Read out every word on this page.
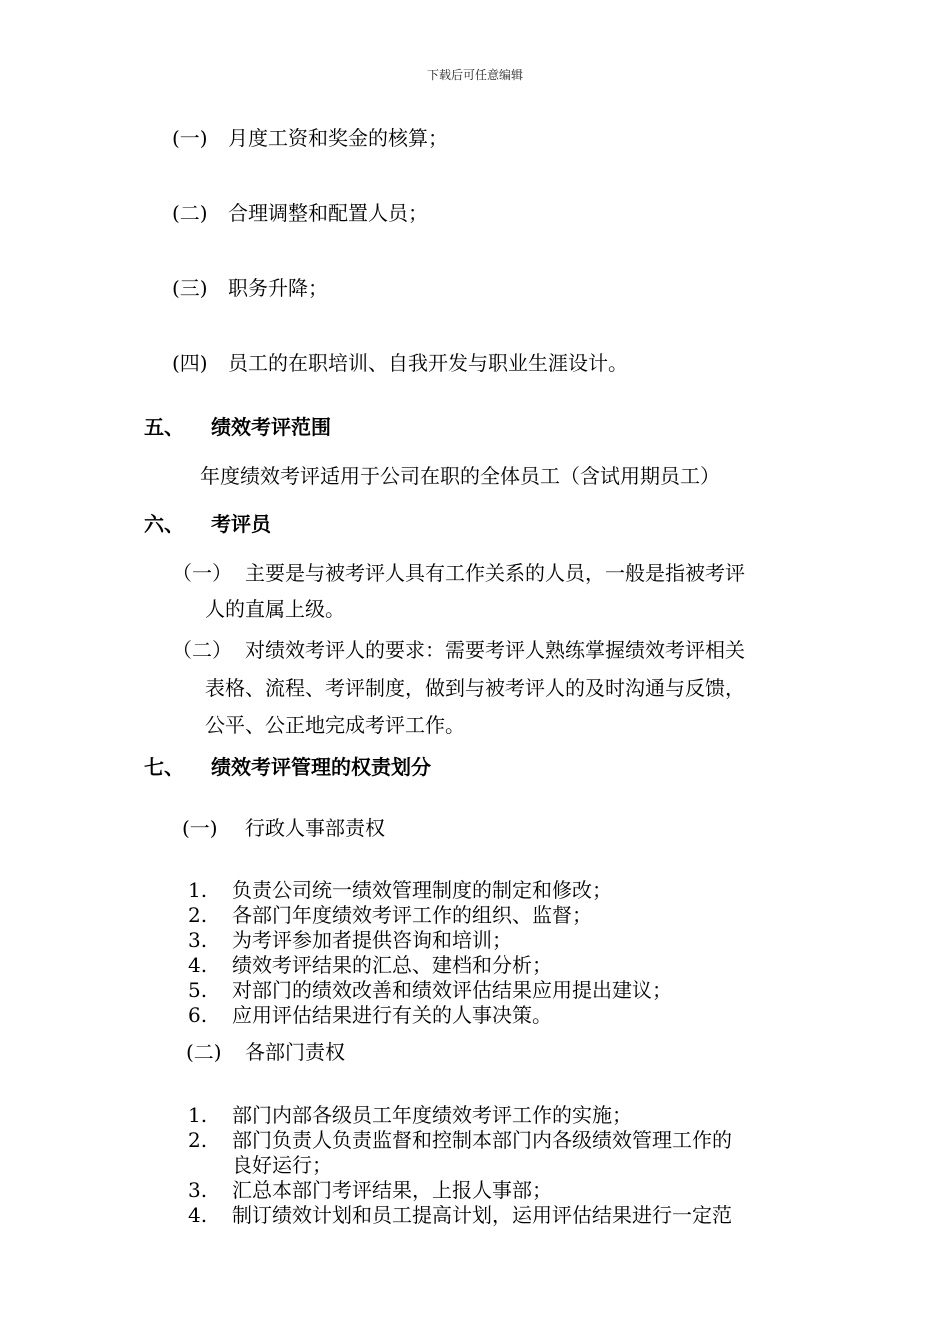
下载后可任意编辑
(一) 月度工资和奖金的核算；
(二) 合理调整和配置人员；
(三) 职务升降；
(四) 员工的在职培训、自我开发与职业生涯设计。
五、 绩效考评范围
年度绩效考评适用于公司在职的全体员工（含试用期员工）
六、 考评员
（一） 主要是与被考评人具有工作关系的人员，一般是指被考评
人的直属上级。
（二） 对绩效考评人的要求：需要考评人熟练掌握绩效考评相关
表格、流程、考评制度，做到与被考评人的及时沟通与反馈，
公平、公正地完成考评工作。
七、 绩效考评管理的权责划分
(一) 行政人事部责权
1. 负责公司统一绩效管理制度的制定和修改；
2. 各部门年度绩效考评工作的组织、监督；
3. 为考评参加者提供咨询和培训；
4. 绩效考评结果的汇总、建档和分析；
5. 对部门的绩效改善和绩效评估结果应用提出建议；
6. 应用评估结果进行有关的人事决策。
(二) 各部门责权
1. 部门内部各级员工年度绩效考评工作的实施；
2. 部门负责人负责监督和控制本部门内各级绩效管理工作的
良好运行；
3. 汇总本部门考评结果，上报人事部；
4. 制订绩效计划和员工提高计划，运用评估结果进行一定范
